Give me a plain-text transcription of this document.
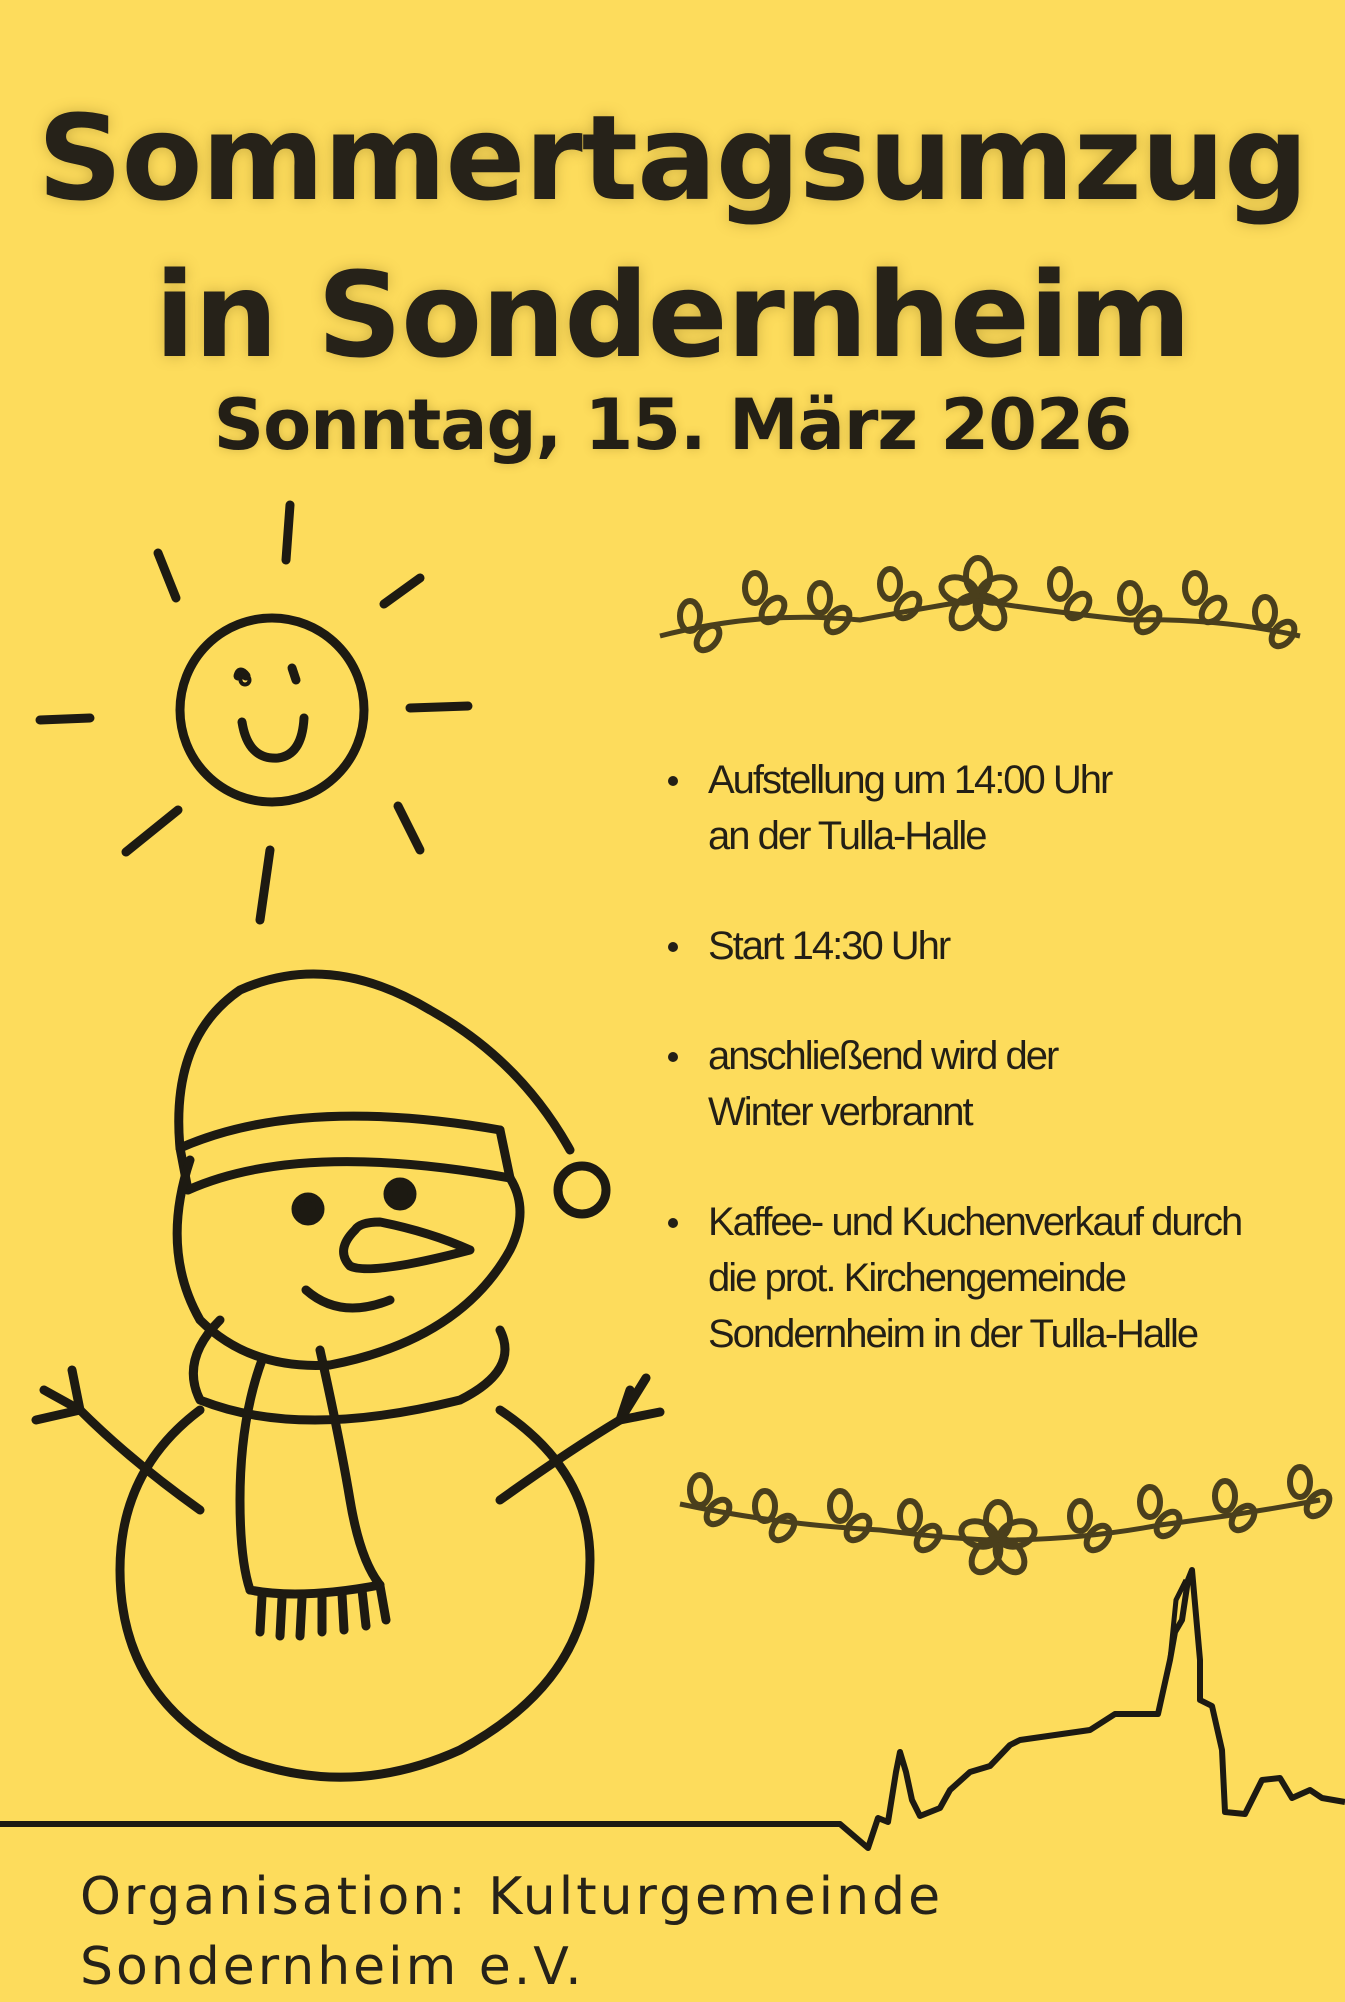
Sommertagsumzug
in Sondernheim
Sonntag, 15. März 2026
Aufstellung um 14:00 Uhr
an der Tulla-Halle
Start 14:30 Uhr
anschließend wird der
Winter verbrannt
Kaffee- und Kuchenverkauf durch
die prot. Kirchengemeinde
Sondernheim in der Tulla-Halle
Organisation: Kulturgemeinde Sondernheim e.V.
